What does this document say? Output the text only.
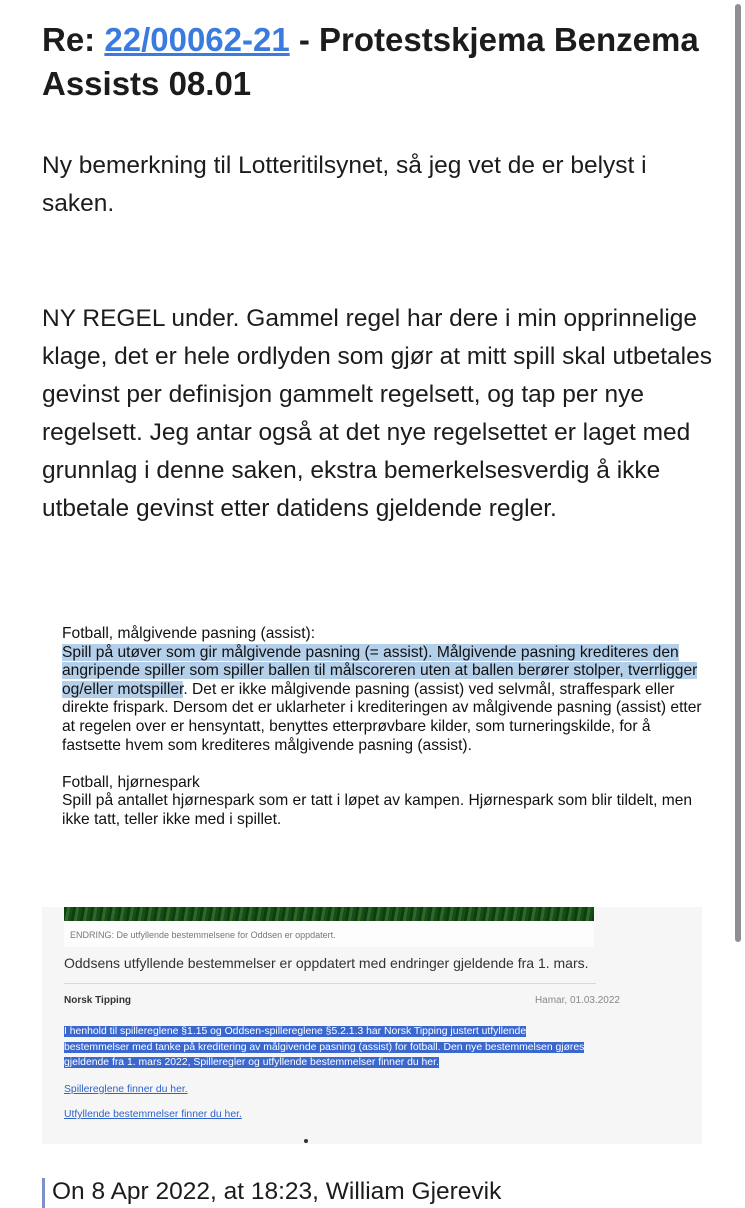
Re: 22/00062-21 - Protestskjema Benzema Assists 08.01

Ny bemerkning til Lotteritilsynet, så jeg vet de er belyst i saken.

NY REGEL under. Gammel regel har dere i min opprinnelige klage, det er hele ordlyden som gjør at mitt spill skal utbetales gevinst per definisjon gammelt regelsett, og tap per nye regelsett. Jeg antar også at det nye regelsettet er laget med grunnlag i denne saken, ekstra bemerkelsesverdig å ikke utbetale gevinst etter datidens gjeldende regler.

Fotball, målgivende pasning (assist):

Spill på utøver som gir målgivende pasning (= assist). Målgivende pasning krediteres den angripende spiller som spiller ballen til målscoreren uten at ballen berører stolper, tverrligger og/eller motspiller. Det er ikke målgivende pasning (assist) ved selvmål, straffespark eller direkte frispark. Dersom det er uklarheter i krediteringen av målgivende pasning (assist) etter at regelen over er hensyntatt, benyttes etterprøvbare kilder, som turneringskilde, for å fastsette hvem som krediteres målgivende pasning (assist).

Fotball, hjørnespark

Spill på antallet hjørnespark som er tatt i løpet av kampen. Hjørnespark som blir tildelt, men ikke tatt, teller ikke med i spillet.

ENDRING: De utfyllende bestemmelsene for Oddsen er oppdatert.
Oddsens utfyllende bestemmelser er oppdatert med endringer gjeldende fra 1. mars.
Norsk Tipping	Hamar, 01.03.2022
I henhold til spillereglene §1.15 og Oddsen-spillereglene §5.2.1.3 har Norsk Tipping justert utfyllende bestemmelser med tanke på kreditering av målgivende pasning (assist) for fotball. Den nye bestemmelsen gjøres gjeldende fra 1. mars 2022, Spilleregler og utfyllende bestemmelser finner du her.
Spillereglene finner du her.
Utfyllende bestemmelser finner du her.
On 8 Apr 2022, at 18:23, William Gjerevik
